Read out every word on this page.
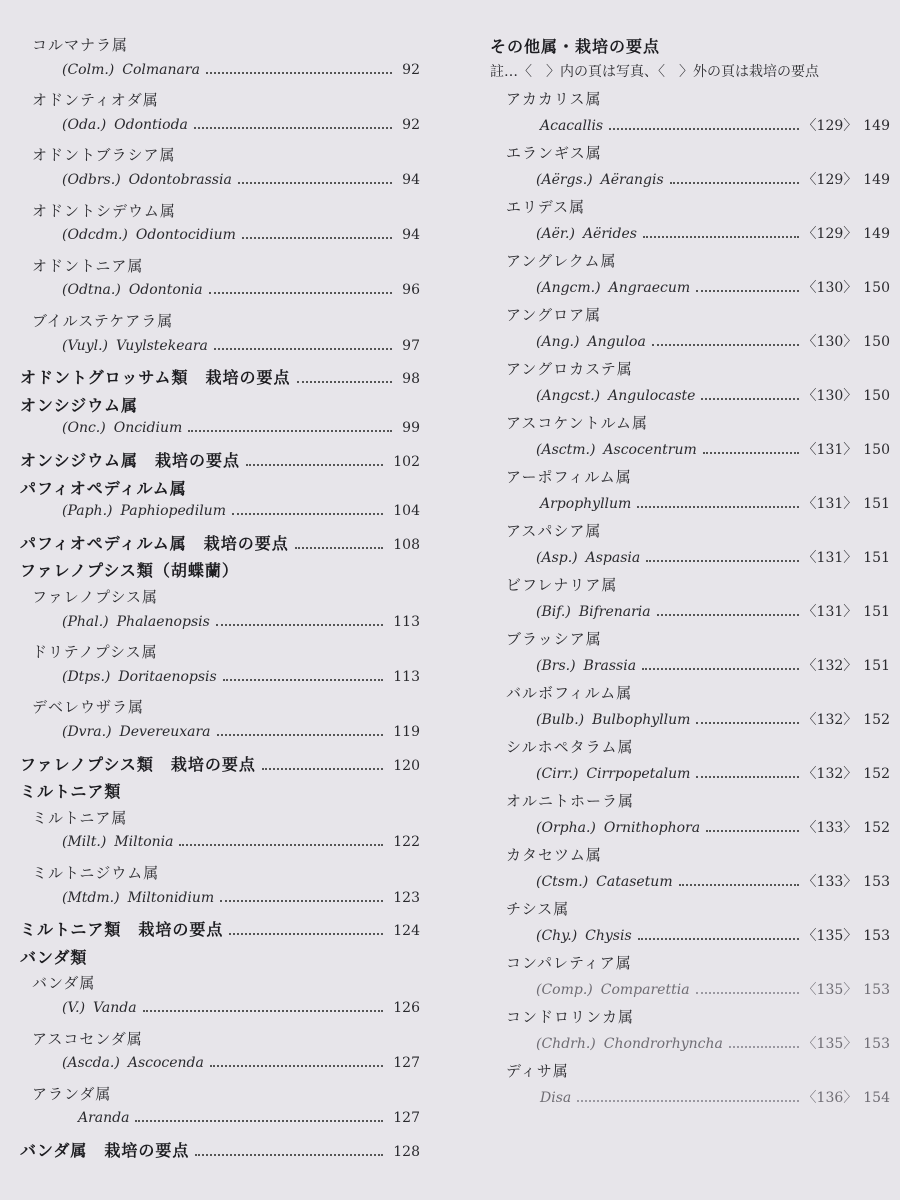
コルマナラ属
(Colm.) Colmanara	92
オドンティオダ属
(Oda.) Odontioda	92
オドントブラシア属
(Odbrs.) Odontobrassia	94
オドントシデウム属
(Odcdm.) Odontocidium	94
オドントニア属
(Odtna.) Odontonia	96
ブイルステケアラ属
(Vuyl.) Vuylstekeara	97
オドントグロッサム類　栽培の要点	98
オンシジウム属
(Onc.) Oncidium	99
オンシジウム属　栽培の要点	102
パフィオペディルム属
(Paph.) Paphiopedilum	104
パフィオペディルム属　栽培の要点	108
ファレノプシス類（胡蝶蘭）
ファレノプシス属
(Phal.) Phalaenopsis	113
ドリテノプシス属
(Dtps.) Doritaenopsis	113
デベレウザラ属
(Dvra.) Devereuxara	119
ファレノプシス類　栽培の要点	120
ミルトニア類
ミルトニア属
(Milt.) Miltonia	122
ミルトニジウム属
(Mtdm.) Miltonidium	123
ミルトニア類　栽培の要点	124
バンダ類
バンダ属
(V.) Vanda	126
アスコセンダ属
(Ascda.) Ascocenda	127
アランダ属
Aranda	127
バンダ属　栽培の要点	128
その他属・栽培の要点
註…〈　〉内の頁は写真、〈　〉外の頁は栽培の要点
アカカリス属
Acacallis	〈129〉 149
エランギス属
(Aërgs.) Aërangis	〈129〉 149
エリデス属
(Aër.) Aërides	〈129〉 149
アングレクム属
(Angcm.) Angraecum	〈130〉 150
アングロア属
(Ang.) Anguloa	〈130〉 150
アングロカステ属
(Angcst.) Angulocaste	〈130〉 150
アスコケントルム属
(Asctm.) Ascocentrum	〈131〉 150
アーポフィルム属
Arpophyllum	〈131〉 151
アスパシア属
(Asp.) Aspasia	〈131〉 151
ビフレナリア属
(Bif.) Bifrenaria	〈131〉 151
ブラッシア属
(Brs.) Brassia	〈132〉 151
バルボフィルム属
(Bulb.) Bulbophyllum	〈132〉 152
シルホペタラム属
(Cirr.) Cirrpopetalum	〈132〉 152
オルニトホーラ属
(Orpha.) Ornithophora	〈133〉 152
カタセツム属
(Ctsm.) Catasetum	〈133〉 153
チシス属
(Chy.) Chysis	〈135〉 153
コンパレティア属
(Comp.) Comparettia	〈135〉 153
コンドロリンカ属
(Chdrh.) Chondrorhyncha	〈135〉 153
ディサ属
Disa	〈136〉 154
